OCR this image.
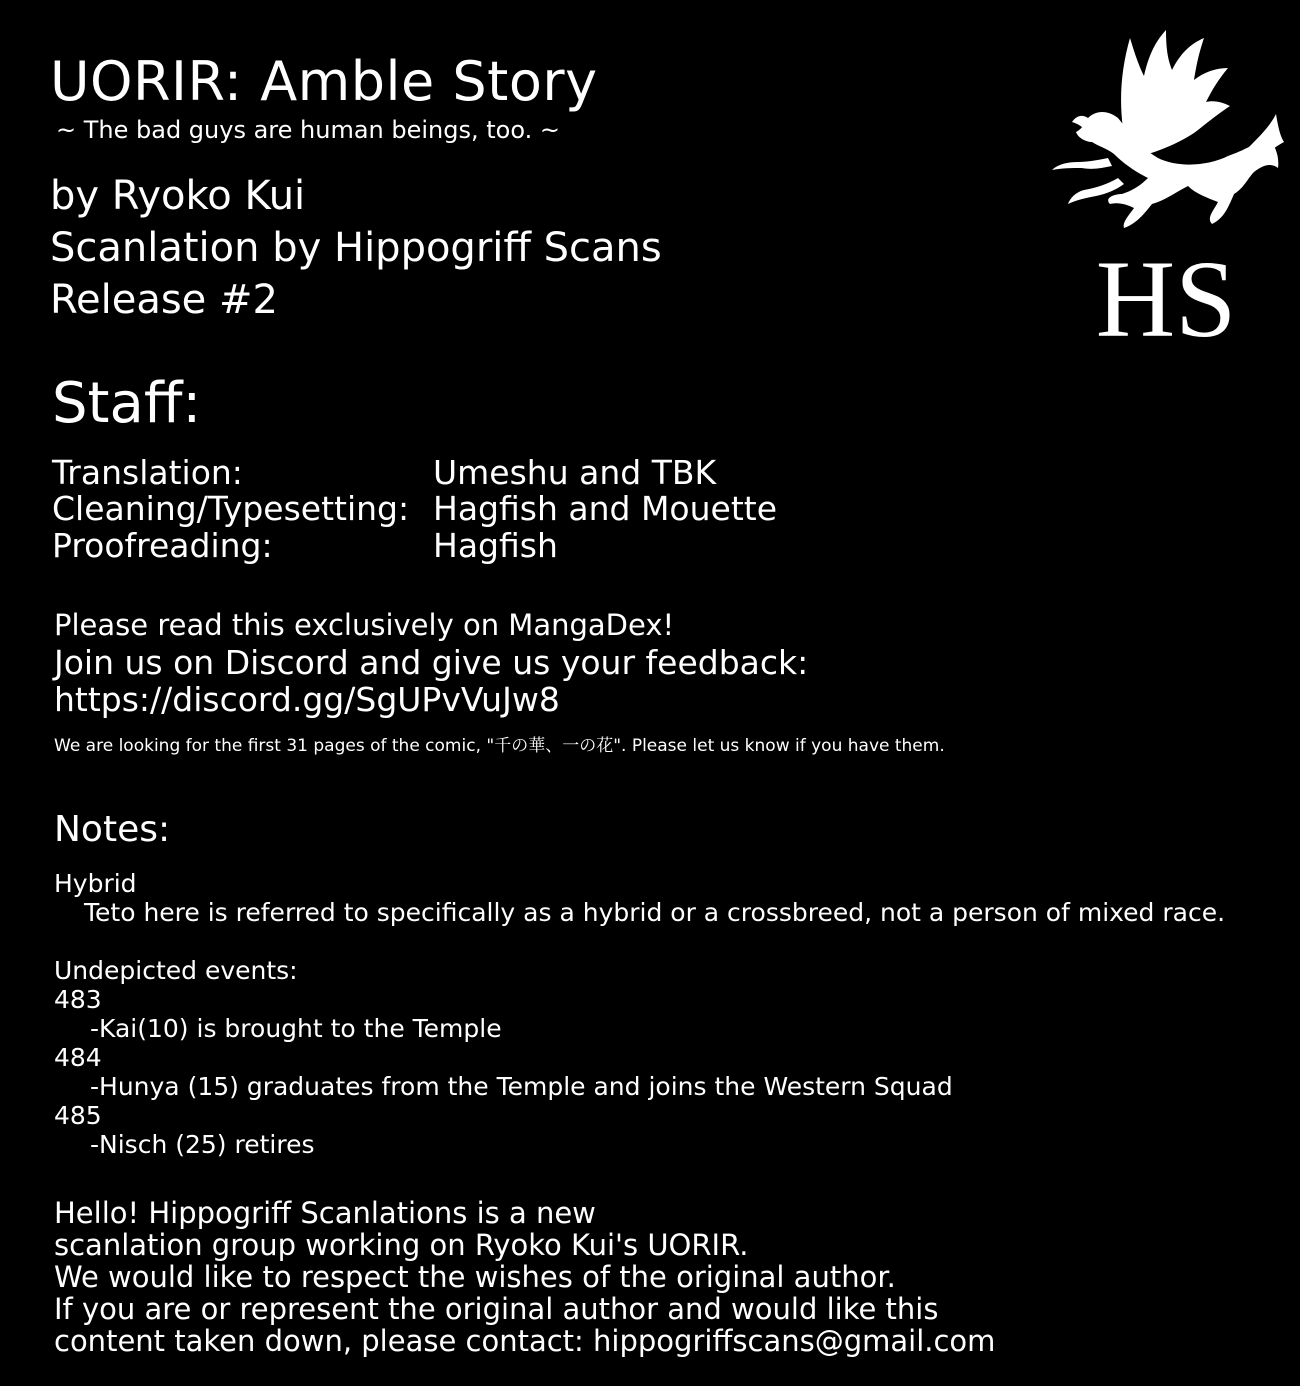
UORIR: Amble Story
~ The bad guys are human beings, too. ~
by Ryoko Kui
Scanlation by Hippogriff Scans
Release #2	HS
Staff:
Translation:	Umeshu and TBK
Cleaning/Typesetting: Hagfish and Mouette
Proofreading:	Hagfish
Please read this exclusively on MangaDex!
Join us on Discord and give us your feedback:
https://discord.gg/SgUPvVuJw8
We are looking for the first 31 pages of the comic, "千の華、一の花". Please let us know if you have them.
Notes:
Hybrid
Teto here is referred to specifically as a hybrid or a crossbreed, not a person of mixed race.
Undepicted events:
483
-Kai(10) is brought to the Temple
484
-Hunya (15) graduates from the Temple and joins the Western Squad
485
-Nisch (25) retires
Hello! Hippogriff Scanlations is a new
scanlation group working on Ryoko Kui's UORIR.
We would like to respect the wishes of the original author.
If you are or represent the original author and would like this
content taken down, please contact: hippogriffscans@gmail.com
